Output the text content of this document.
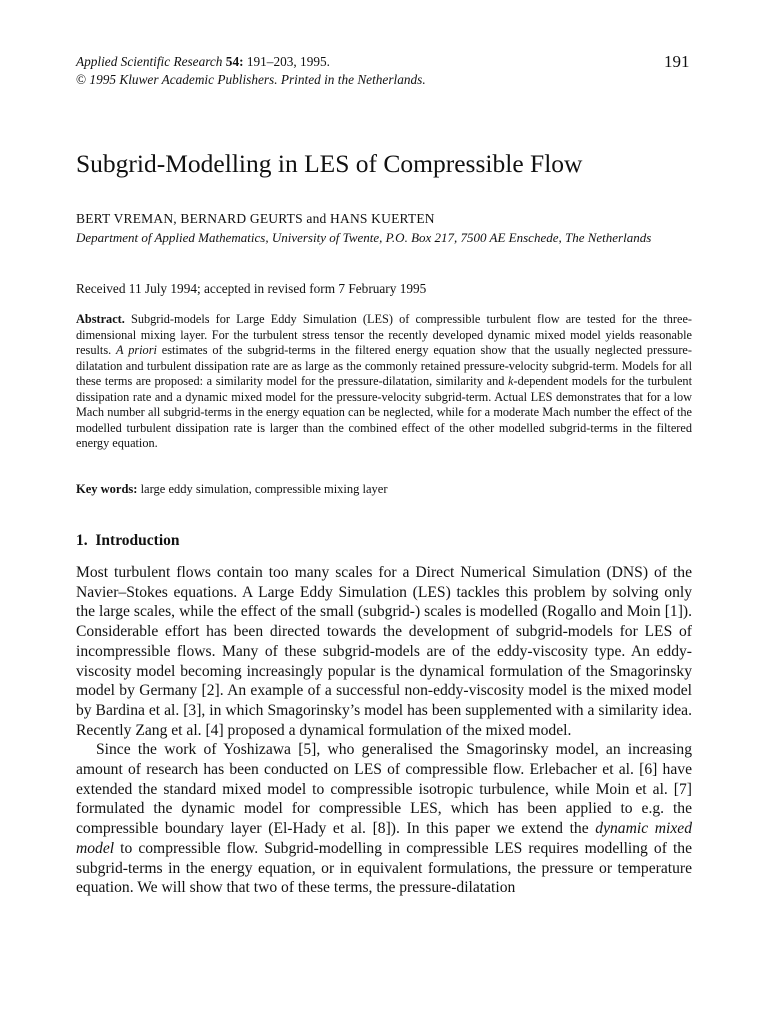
Applied Scientific Research 54: 191–203, 1995.
© 1995 Kluwer Academic Publishers. Printed in the Netherlands.
191
Subgrid-Modelling in LES of Compressible Flow
BERT VREMAN, BERNARD GEURTS and HANS KUERTEN
Department of Applied Mathematics, University of Twente, P.O. Box 217, 7500 AE Enschede, The Netherlands
Received 11 July 1994; accepted in revised form 7 February 1995
Abstract. Subgrid-models for Large Eddy Simulation (LES) of compressible turbulent flow are tested for the three-dimensional mixing layer. For the turbulent stress tensor the recently developed dynamic mixed model yields reasonable results. A priori estimates of the subgrid-terms in the filtered energy equation show that the usually neglected pressure-dilatation and turbulent dissipation rate are as large as the commonly retained pressure-velocity subgrid-term. Models for all these terms are proposed: a similarity model for the pressure-dilatation, similarity and k-dependent models for the turbulent dissipation rate and a dynamic mixed model for the pressure-velocity subgrid-term. Actual LES demonstrates that for a low Mach number all subgrid-terms in the energy equation can be neglected, while for a moderate Mach number the effect of the modelled turbulent dissipation rate is larger than the combined effect of the other modelled subgrid-terms in the filtered energy equation.
Key words: large eddy simulation, compressible mixing layer
1. Introduction

Most turbulent flows contain too many scales for a Direct Numerical Simulation (DNS) of the Navier–Stokes equations. A Large Eddy Simulation (LES) tackles this problem by solving only the large scales, while the effect of the small (subgrid-) scales is modelled (Rogallo and Moin [1]). Considerable effort has been directed towards the development of subgrid-models for LES of incompressible flows. Many of these subgrid-models are of the eddy-viscosity type. An eddy-viscosity model becoming increasingly popular is the dynamical formulation of the Smagorinsky model by Germany [2]. An example of a successful non-eddy-viscosity model is the mixed model by Bardina et al. [3], in which Smagorinsky’s model has been supplemented with a similarity idea. Recently Zang et al. [4] proposed a dynamical formulation of the mixed model.

Since the work of Yoshizawa [5], who generalised the Smagorinsky model, an increasing amount of research has been conducted on LES of compressible flow. Erlebacher et al. [6] have extended the standard mixed model to compressible isotropic turbulence, while Moin et al. [7] formulated the dynamic model for compressible LES, which has been applied to e.g. the compressible boundary layer (El-Hady et al. [8]). In this paper we extend the dynamic mixed model to compressible flow. Subgrid-modelling in compressible LES requires modelling of the subgrid-terms in the energy equation, or in equivalent formulations, the pressure or temperature equation. We will show that two of these terms, the pressure-dilatation
